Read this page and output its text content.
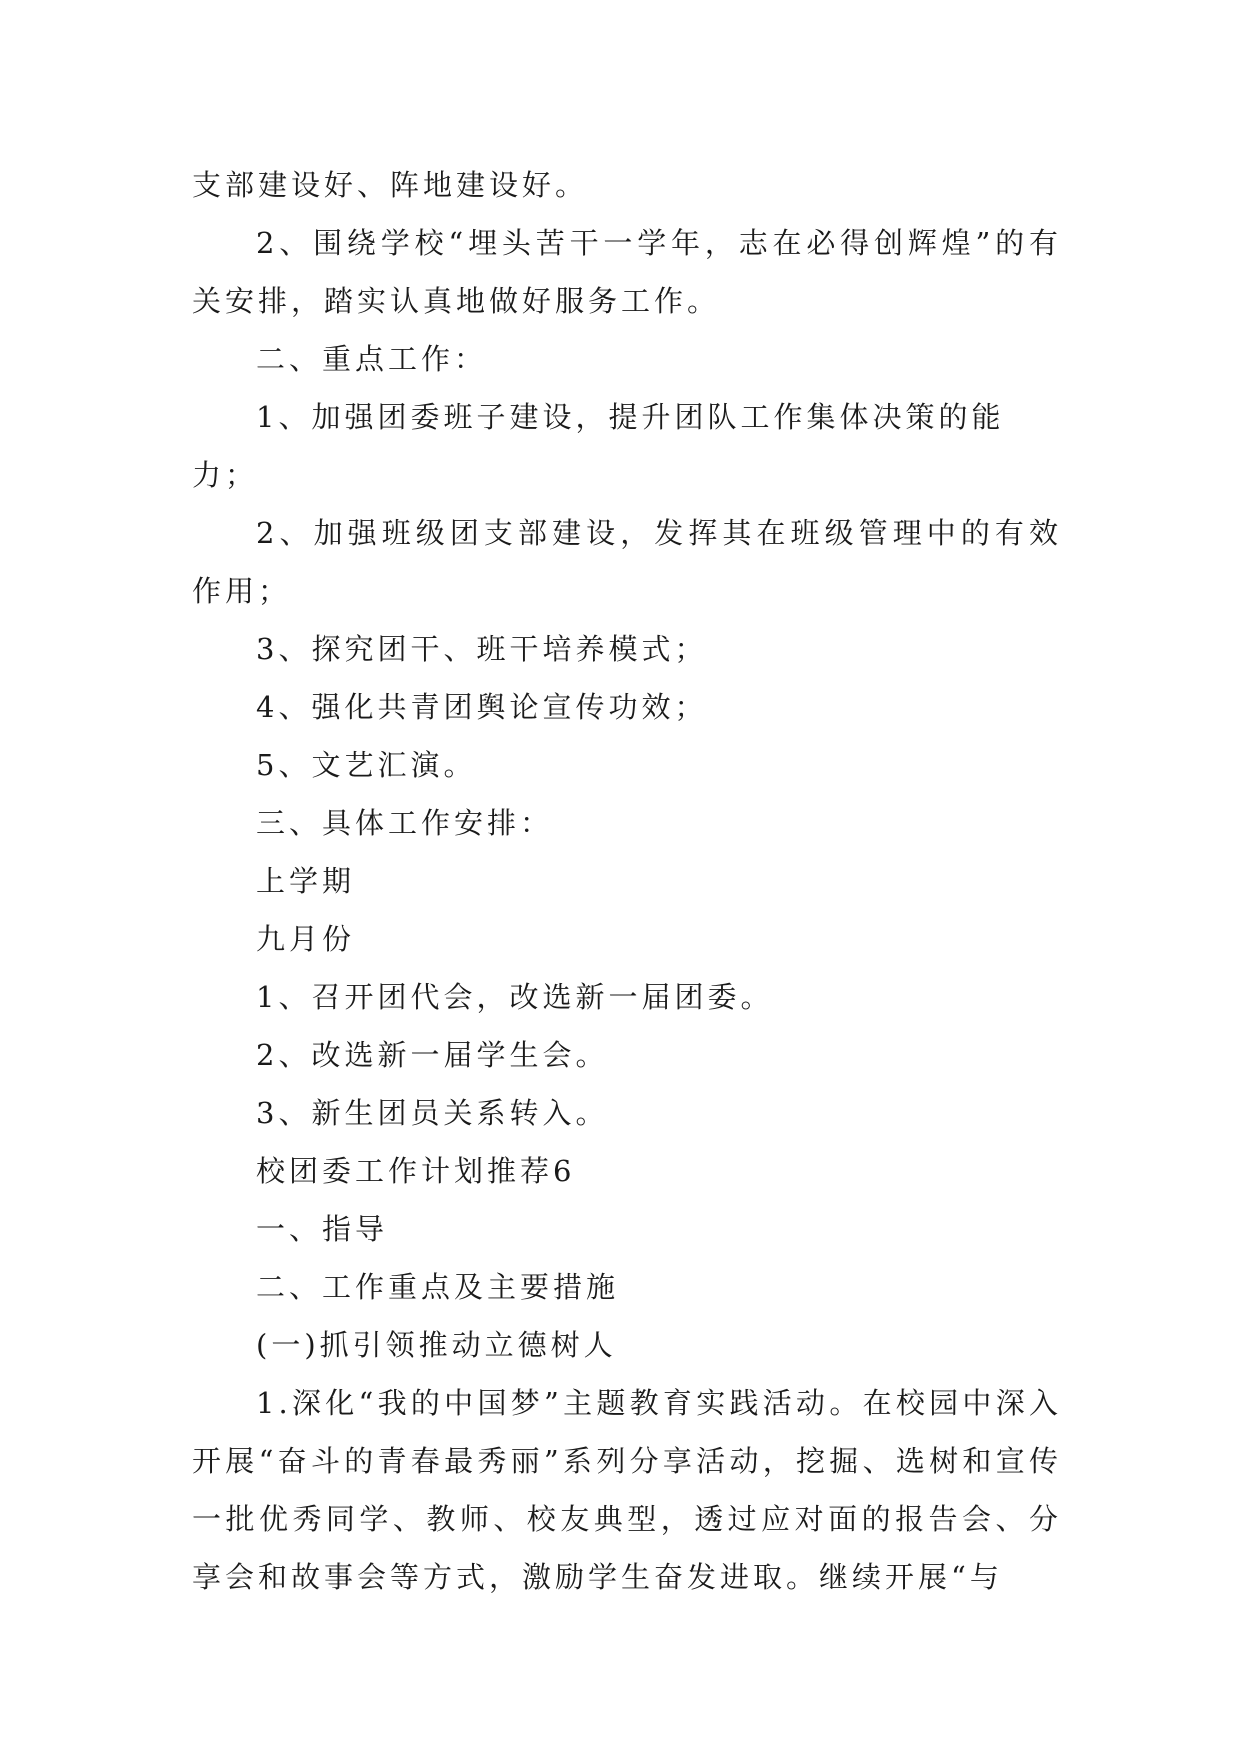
支部建设好、阵地建设好。

2、围绕学校“埋头苦干一学年，志在必得创辉煌”的有关安排，踏实认真地做好服务工作。

二、重点工作：

1、加强团委班子建设，提升团队工作集体决策的能力；

2、加强班级团支部建设，发挥其在班级管理中的有效作用；

3、探究团干、班干培养模式；

4、强化共青团舆论宣传功效；

5、文艺汇演。

三、具体工作安排：

上学期

九月份

1、召开团代会，改选新一届团委。

2、改选新一届学生会。

3、新生团员关系转入。

校团委工作计划推荐6

一、指导

二、工作重点及主要措施

(一)抓引领推动立德树人

1.深化“我的中国梦”主题教育实践活动。在校园中深入开展“奋斗的青春最秀丽”系列分享活动，挖掘、选树和宣传一批优秀同学、教师、校友典型，透过应对面的报告会、分享会和故事会等方式，激励学生奋发进取。继续开展“与
